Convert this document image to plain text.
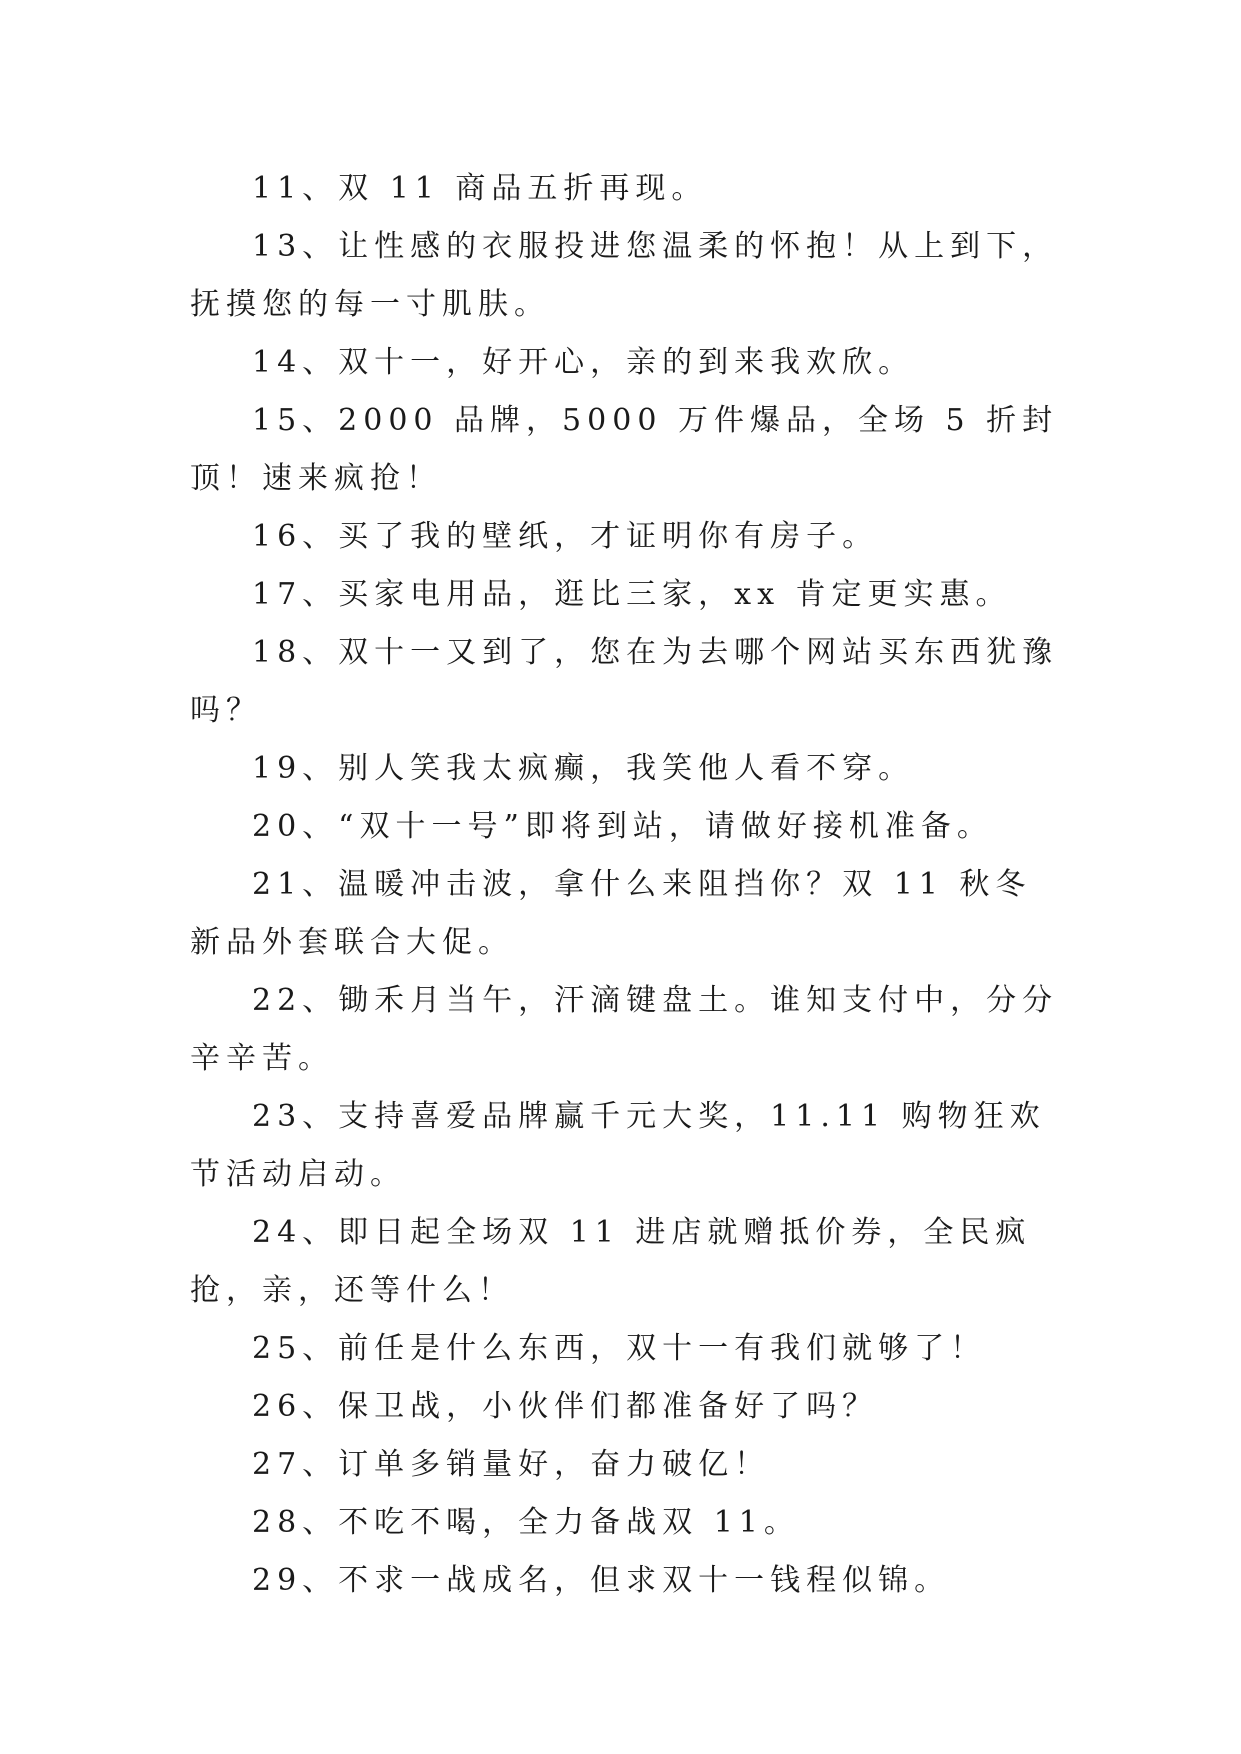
11、双 11 商品五折再现。

13、让性感的衣服投进您温柔的怀抱！从上到下，抚摸您的每一寸肌肤。

14、双十一，好开心，亲的到来我欢欣。

15、2000 品牌，5000 万件爆品，全场 5 折封顶！速来疯抢！

16、买了我的壁纸，才证明你有房子。

17、买家电用品，逛比三家，xx 肯定更实惠。

18、双十一又到了，您在为去哪个网站买东西犹豫吗？

19、别人笑我太疯癫，我笑他人看不穿。

20、“双十一号”即将到站，请做好接机准备。

21、温暖冲击波，拿什么来阻挡你？双 11 秋冬新品外套联合大促。

22、锄禾月当午，汗滴键盘土。谁知支付中，分分辛辛苦。

23、支持喜爱品牌赢千元大奖，11.11 购物狂欢节活动启动。

24、即日起全场双 11 进店就赠抵价券，全民疯抢，亲，还等什么！

25、前任是什么东西，双十一有我们就够了！

26、保卫战，小伙伴们都准备好了吗？

27、订单多销量好，奋力破亿！

28、不吃不喝，全力备战双 11。

29、不求一战成名，但求双十一钱程似锦。
